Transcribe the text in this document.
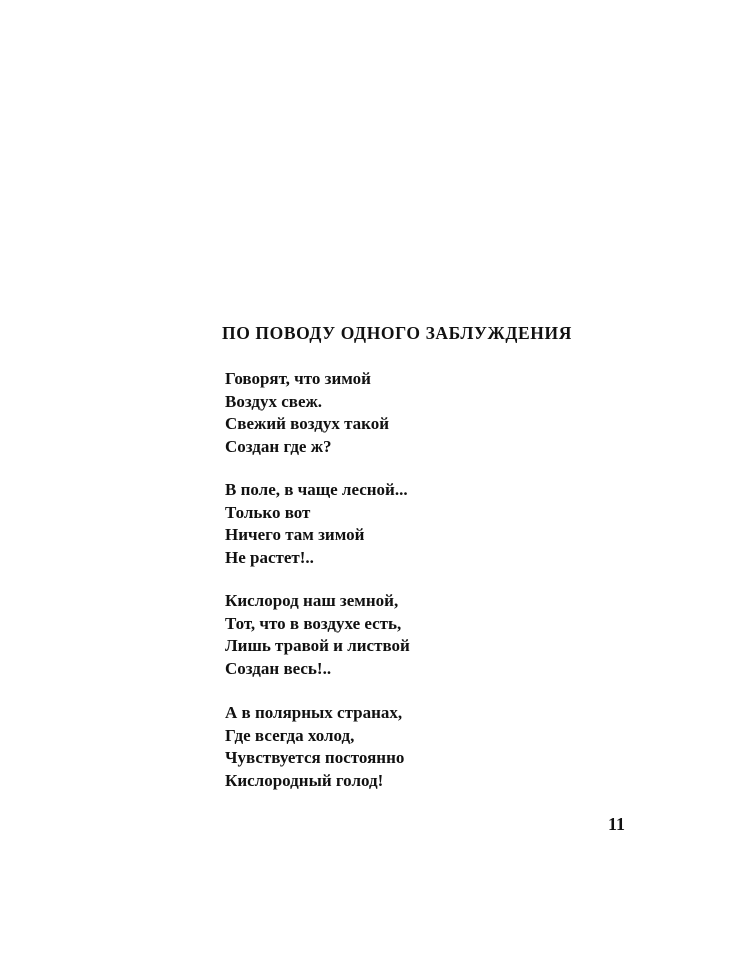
ПО ПОВОДУ ОДНОГО ЗАБЛУЖДЕНИЯ
Говорят, что зимой
Воздух свеж.
Свежий воздух такой
Создан где ж?
В поле, в чаще лесной...
Только вот
Ничего там зимой
Не растет!..
Кислород наш земной,
Тот, что в воздухе есть,
Лишь травой и листвой
Создан весь!..
А в полярных странах,
Где всегда холод,
Чувствуется постоянно
Кислородный голод!

11
